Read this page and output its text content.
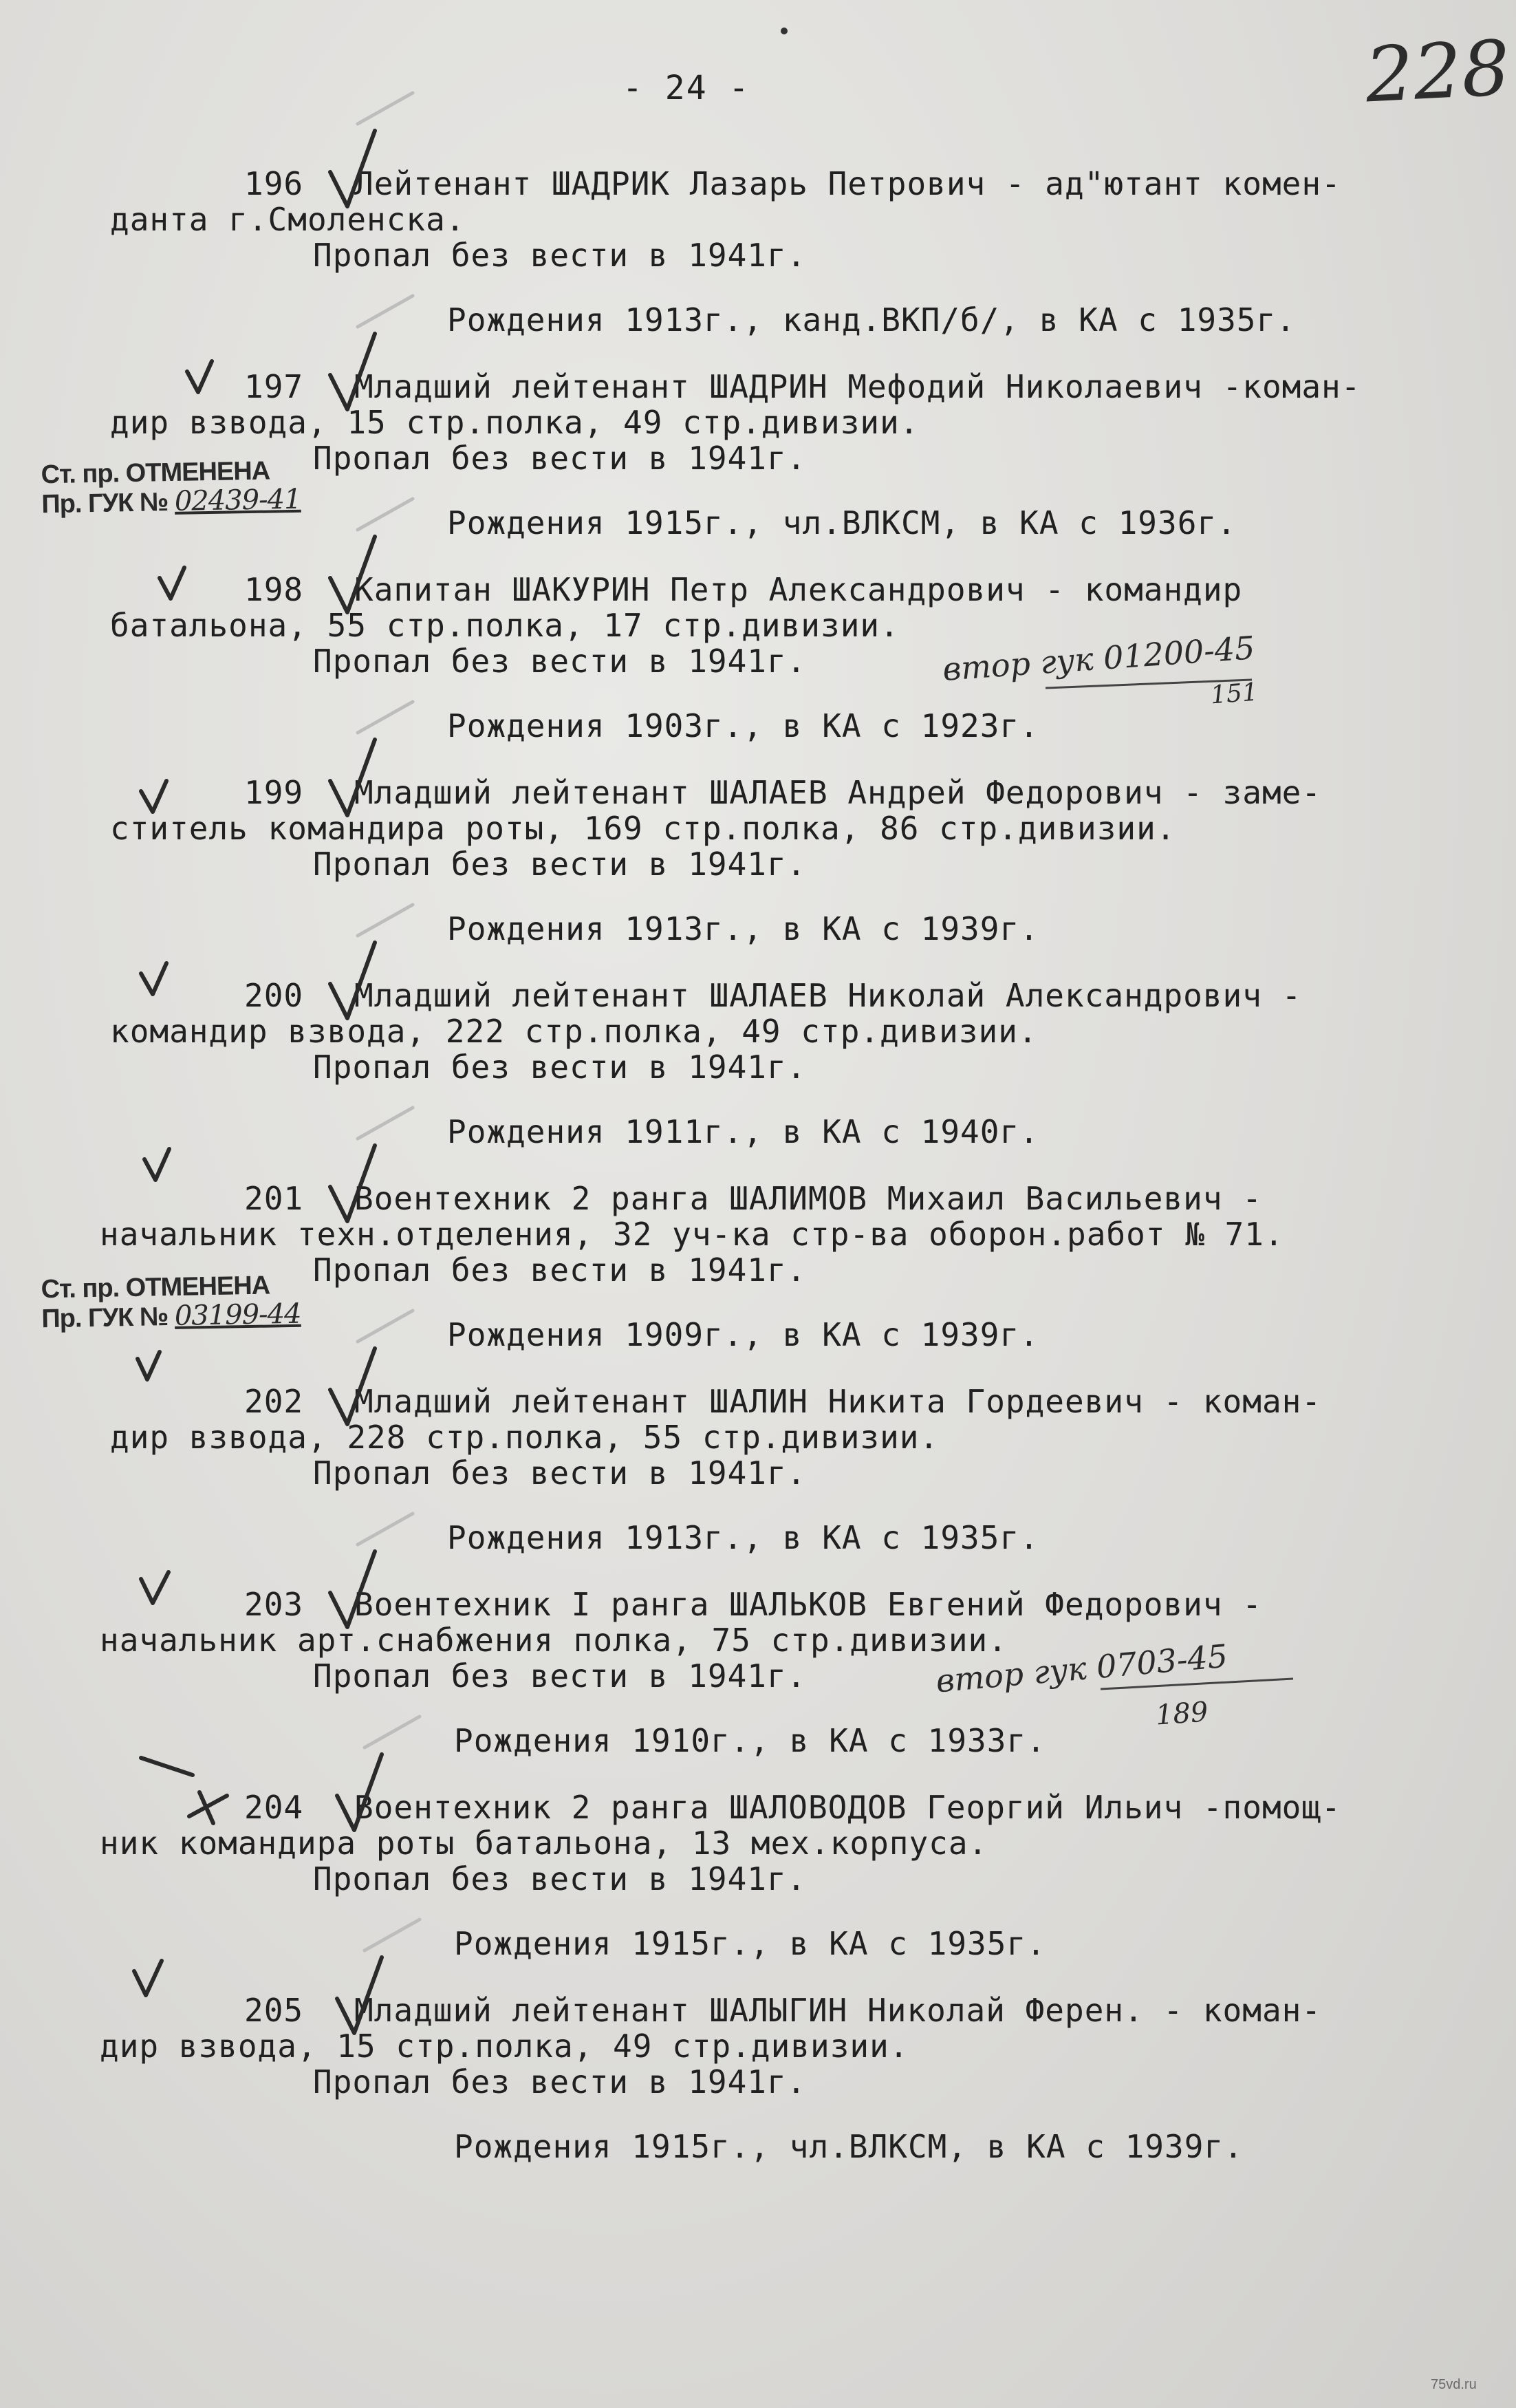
- 24 -	228
196 Лейтенант ШАДРИК Лазарь Петрович - ад"ютант комен-
данта г.Смоленска.
Пропал без вести в 1941г.
Рождения 1913г., канд.ВКП/б/, в КА с 1935г.
197 Младший лейтенант ШАДРИН Мефодий Николаевич -коман-
дир взвода, 15 стр.полка, 49 стр.дивизии.
Пропал без вести в 1941г.
Рождения 1915г., чл.ВЛКСМ, в КА с 1936г.
198 Капитан ШАКУРИН Петр Александрович - командир
батальона, 55 стр.полка, 17 стр.дивизии.
Пропал без вести в 1941г.
Рождения 1903г., в КА с 1923г.
199 Младший лейтенант ШАЛАЕВ Андрей Федорович - заме-
ститель командира роты, 169 стр.полка, 86 стр.дивизии.
Пропал без вести в 1941г.
Рождения 1913г., в КА с 1939г.
200 Младший лейтенант ШАЛАЕВ Николай Александрович -
командир взвода, 222 стр.полка, 49 стр.дивизии.
Пропал без вести в 1941г.
Рождения 1911г., в КА с 1940г.
201 Воентехник 2 ранга ШАЛИМОВ Михаил Васильевич -
начальник техн.отделения, 32 уч-ка стр-ва оборон.работ № 71.
Пропал без вести в 1941г.
Рождения 1909г., в КА с 1939г.
202 Младший лейтенант ШАЛИН Никита Гордеевич - коман-
дир взвода, 228 стр.полка, 55 стр.дивизии.
Пропал без вести в 1941г.
Рождения 1913г., в КА с 1935г.
203 Воентехник I ранга ШАЛЬКОВ Евгений Федорович -
начальник арт.снабжения полка, 75 стр.дивизии.
Пропал без вести в 1941г.
Рождения 1910г., в КА с 1933г.
204 Воентехник 2 ранга ШАЛОВОДОВ Георгий Ильич -помощ-
ник командира роты батальона, 13 мех.корпуса.
Пропал без вести в 1941г.
Рождения 1915г., в КА с 1935г.
205 Младший лейтенант ШАЛЫГИН Николай Ферен. - коман-
дир взвода, 15 стр.полка, 49 стр.дивизии.
Пропал без вести в 1941г.
Рождения 1915г., чл.ВЛКСМ, в КА с 1939г.
Ст. пр. ОТМЕНЕНА
Пр. ГУК № 02439-41
Ст. пр. ОТМЕНЕНА
Пр. ГУК № 03199-44
втор гук 01200-45
151
втор гук 0703-45
189
75vd.ru
